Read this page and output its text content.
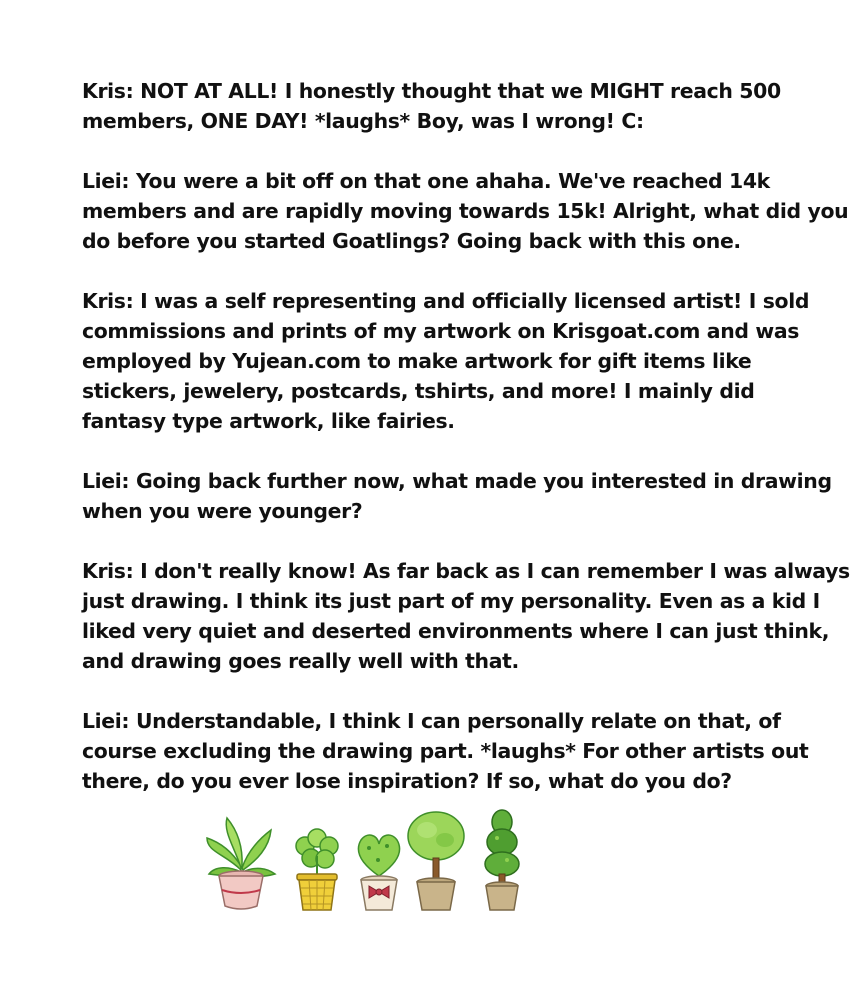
Kris: NOT AT ALL! I honestly thought that we MIGHT reach 500
members, ONE DAY! *laughs* Boy, was I wrong! C:

Liei: You were a bit off on that one ahaha. We've reached 14k
members and are rapidly moving towards 15k! Alright, what did you
do before you started Goatlings? Going back with this one.

Kris: I was a self representing and officially licensed artist! I sold
commissions and prints of my artwork on Krisgoat.com and was
employed by Yujean.com to make artwork for gift items like
stickers, jewelery, postcards, tshirts, and more! I mainly did
fantasy type artwork, like fairies.

Liei: Going back further now, what made you interested in drawing
when you were younger?

Kris: I don't really know! As far back as I can remember I was always
just drawing. I think its just part of my personality. Even as a kid I
liked very quiet and deserted environments where I can just think,
and drawing goes really well with that.

Liei: Understandable, I think I can personally relate on that, of
course excluding the drawing part. *laughs* For other artists out
there, do you ever lose inspiration? If so, what do you do?
